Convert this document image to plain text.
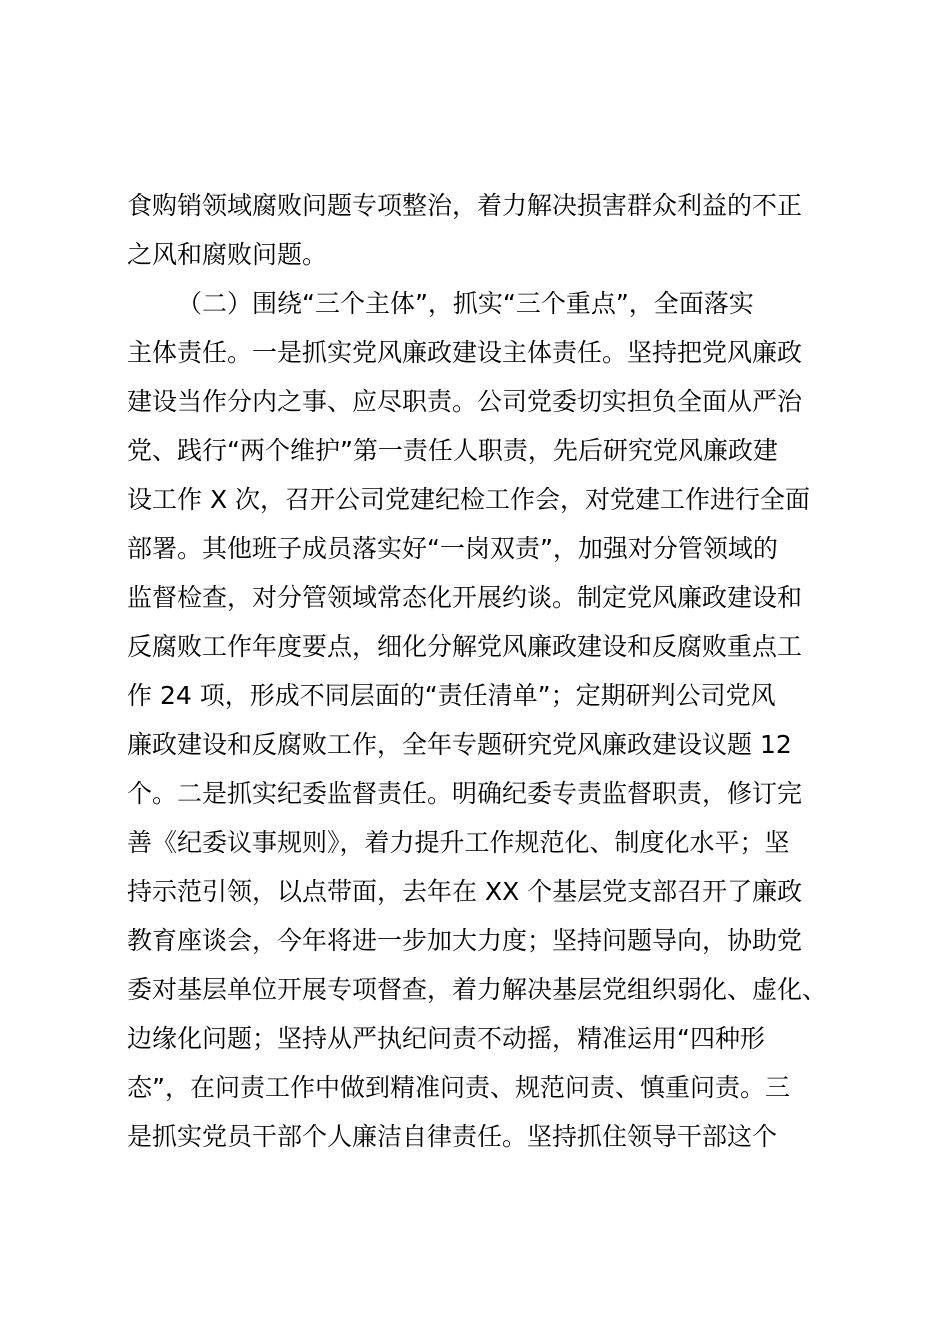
食购销领域腐败问题专项整治，着力解决损害群众利益的不正
之风和腐败问题。
（二）围绕“三个主体”，抓实“三个重点”，全面落实
主体责任。一是抓实党风廉政建设主体责任。坚持把党风廉政
建设当作分内之事、应尽职责。公司党委切实担负全面从严治
党、践行“两个维护”第一责任人职责，先后研究党风廉政建
设工作 X 次，召开公司党建纪检工作会，对党建工作进行全面
部署。其他班子成员落实好“一岗双责”，加强对分管领域的
监督检查，对分管领域常态化开展约谈。制定党风廉政建设和
反腐败工作年度要点，细化分解党风廉政建设和反腐败重点工
作 24 项，形成不同层面的“责任清单”；定期研判公司党风
廉政建设和反腐败工作，全年专题研究党风廉政建设议题 12
个。二是抓实纪委监督责任。明确纪委专责监督职责，修订完
善《纪委议事规则》，着力提升工作规范化、制度化水平；坚
持示范引领，以点带面，去年在 XX 个基层党支部召开了廉政
教育座谈会，今年将进一步加大力度；坚持问题导向，协助党
委对基层单位开展专项督查，着力解决基层党组织弱化、虚化、
边缘化问题；坚持从严执纪问责不动摇，精准运用“四种形
态”，在问责工作中做到精准问责、规范问责、慎重问责。三
是抓实党员干部个人廉洁自律责任。坚持抓住领导干部这个
